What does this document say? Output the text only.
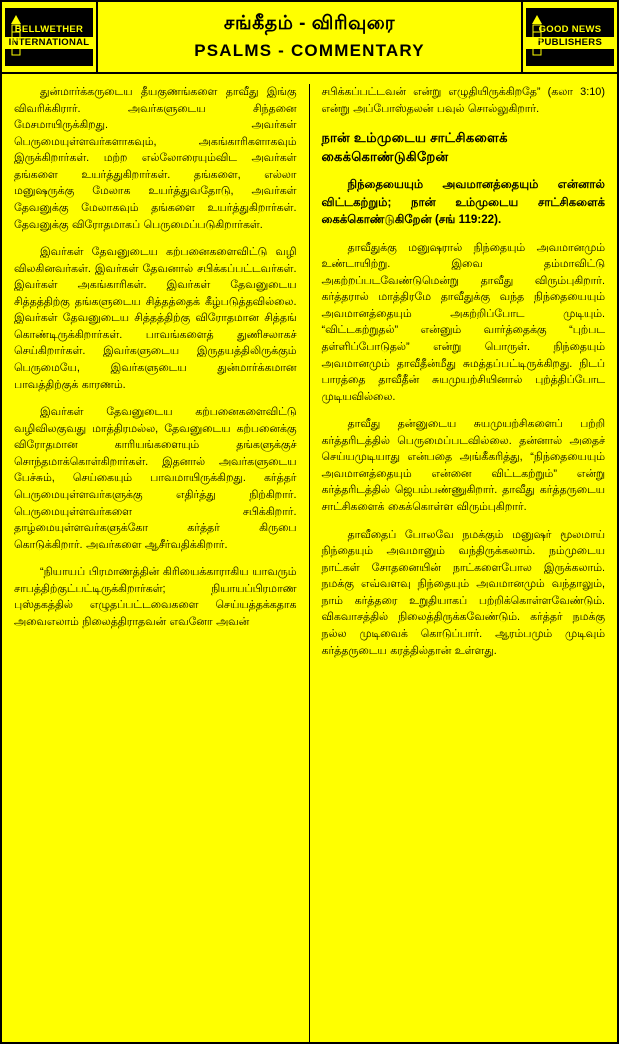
BELLWETHER
INTERNATIONAL
சங்கீதம் - விரிவுரை
PSALMS - COMMENTARY
GOOD NEWS
PUBLISHERS

துன்மார்க்கருடைய தீயகுணங்களை தாவீது இங்கு விவரிக்கிரார். அவர்களுடைய சிந்தனை மேசமாயிருக்கிறது. அவர்கள் பெருமையுள்ளவர்களாகவும், அகங்காரிகளாகவும் இருக்கிறார்கள். மற்ற எல்லோரையும்விட அவர்கள் தங்களை உயர்த்துகிறார்கள். தங்களை, எல்லா மனுஷருக்கு மேலாக உயர்த்துவதோடு, அவர்கள் தேவனுக்கு மேலாகவும் தங்களை உயர்த்துகிறார்கள். தேவனுக்கு விரோதமாகப் பெருமைப்படுகிறார்கள்.

இவர்கள் தேவனுடைய கற்பனைகளைவிட்டு வழி விலகினவர்கள். இவர்கள் தேவனால் சபிக்கப்பட்டவர்கள். இவர்கள் அகங்காரிகள். இவர்கள் தேவனுடைய சித்தத்திற்கு தங்களுடைய சித்தத்தைக் கீழ்படுத்தவில்லை. இவர்கள் தேவனுடைய சித்தத்திற்கு விரோதமான சித்தங் கொண்டிருக்கிறார்கள். பாவங்களைத் துணிசலாகச் செய்கிறார்கள். இவர்களுடைய இருதயத்திலிருக்கும் பெருமையே, இவர்களுடைய துன்மார்க்கமான பாவத்திற்குக் காரணம்.

இவர்கள் தேவனுடைய கற்பனைகளைவிட்டு வழிவிலகுவது மாத்திரமல்ல, தேவனுடைய கற்பனைக்கு விரோதமான காரியங்களையும் தங்களுக்குச் சொந்தமாக்கொள்கிறார்கள். இதனால் அவர்களுடைய பேச்சும், செய்கையும் பாவமாயிருக்கிறது. கர்த்தர் பெருமையுள்ளவர்களுக்கு எதிர்த்து நிற்கிறார். பெருமையுள்ளவர்களை சபிக்கிறார். தாழ்மையுள்ளவர்களுக்கோ கர்த்தர் கிருபை கொடுக்கிறார். அவர்களை ஆசீர்வதிக்கிறார்.

“நியாயப் பிரமாணத்தின் கிரியைக்காராகிய யாவரும் சாபத்திற்குட்பட்டிருக்கிறார்கள்; நியாயப்பிரமாண புஸ்தகத்தில் எழுதப்பட்டவைகளை செய்யத்தக்கதாக அவைஎலாம் நிலைத்திராதவன் எவனோ அவன்

சபிக்கப்பட்டவன் என்று எழுதியிருக்கிறதே” (கலா 3:10) என்று அப்போஸ்தலன் பவுல் சொல்லுகிறார்.

நான் உம்முடைய சாட்சிகளைக் கைக்கொண்டுகிறேன்

நிந்தையையும் அவமானத்தையும் என்னால் விட்டகற்றும்; நான் உம்முடைய சாட்சிகளைக் கைக்கொண்டுகிறேன் (சங் 119:22).

தாவீதுக்கு மனுஷரால் நிந்தையும் அவமானமும் உண்டாயிற்று. இவை தம்மாவிட்டு அகற்றப்படவேண்டுமென்று தாவீது விரும்புகிறார். கர்த்தரால் மாத்திரமே தாவீதுக்கு வந்த நிந்தையையும் அவமானத்தையும் அகற்றிப்போட முடியும். “விட்டகற்றுதல்” என்னும் வார்த்தைக்கு “புற்பட தள்ளிப்போடுதல்” என்று பொருள். நிந்தையும் அவமானமும் தாவீதீன்மீது சுமத்தப்பட்டிருக்கிறது. நிடப் பாரத்தை தாவீதீன் சுயமுயற்சியினால் புற்த்திப்போட முடியவில்லை.

தாவீது தன்னுடைய சுயமுயற்சிகளைப் பற்றி கர்த்தரிடத்தில் பெருமைப்படவில்லை. தன்னால் அதைச் செய்யமுடியாது என்பதை அங்கீகரித்து, “நிந்தையையும் அவமானத்தையும் என்னை விட்டகற்றும்” என்று கர்த்தரிடத்தில் ஜெபம்பண்ணுகிறார். தாவீது கர்த்தருடைய சாட்சிகளைக் கைக்கொள்ள விரும்புகிறார்.

தாவீதைப் போலவே நமக்கும் மனுஷர் மூலமாய் நிந்தையும் அவமானும் வந்திருக்கலாம். நம்முடைய நாட்கள் சோதனையின் நாட்களைபோல இருக்கலாம். நமக்கு எவ்வளவு நிந்தையும் அவமானமும் வந்தாலும், நாம் கர்த்தரை உறுதியாகப் பற்றிக்கொள்ளவேண்டும். விகவாசத்தில் நிலைத்திருக்கவேண்டும். கர்த்தர் நமக்கு நல்ல முடிவைக் கொடுப்பார். ஆரம்பமும் முடிவும் கர்த்தருடைய கரத்தில்தான் உள்ளது.
